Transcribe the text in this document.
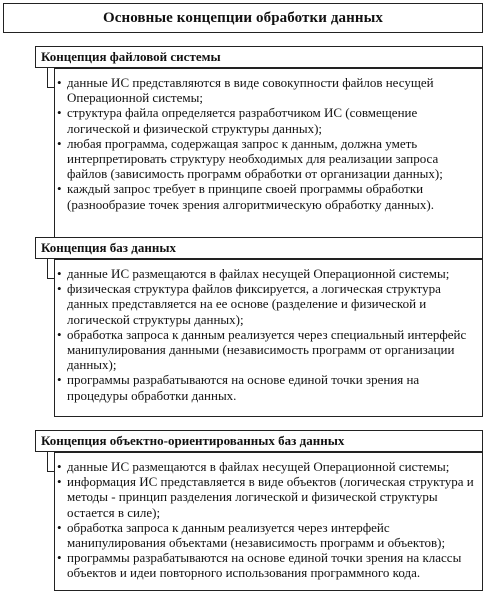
Основные концепции обработки данных
Концепция файловой системы
• данные ИС представляются в виде совокупности файлов несущей Операционной системы;
• структура файла определяется разработчиком ИС (совмещение логической и физической структуры данных);
• любая программа, содержащая запрос к данным, должна уметь интерпретировать структуру необходимых для реализации запроса файлов (зависимость программ обработки от организации данных);
• каждый запрос требует в принципе своей программы обработки (разнообразие точек зрения алгоритмическую обработку данных).
Концепция баз данных
• данные ИС размещаются в файлах несущей Операционной системы;
• физическая структура файлов фиксируется, а логическая структура данных представляется на ее основе (разделение и физической и логической структуры данных);
• обработка запроса к данным реализуется через специальный интерфейс манипулирования данными (независимость программ от организации данных);
• программы разрабатываются на основе единой точки зрения на процедуры обработки данных.
Концепция объектно-ориентированных баз данных
• данные ИС размещаются в файлах несущей Операционной системы;
• информация ИС представляется в виде объектов (логическая структура и методы - принцип разделения логической и физической структуры остается в силе);
• обработка запроса к данным реализуется через интерфейс манипулирования объектами (независимость программ и объектов);
• программы разрабатываются на основе единой точки зрения на классы объектов и идеи повторного использования программного кода.
